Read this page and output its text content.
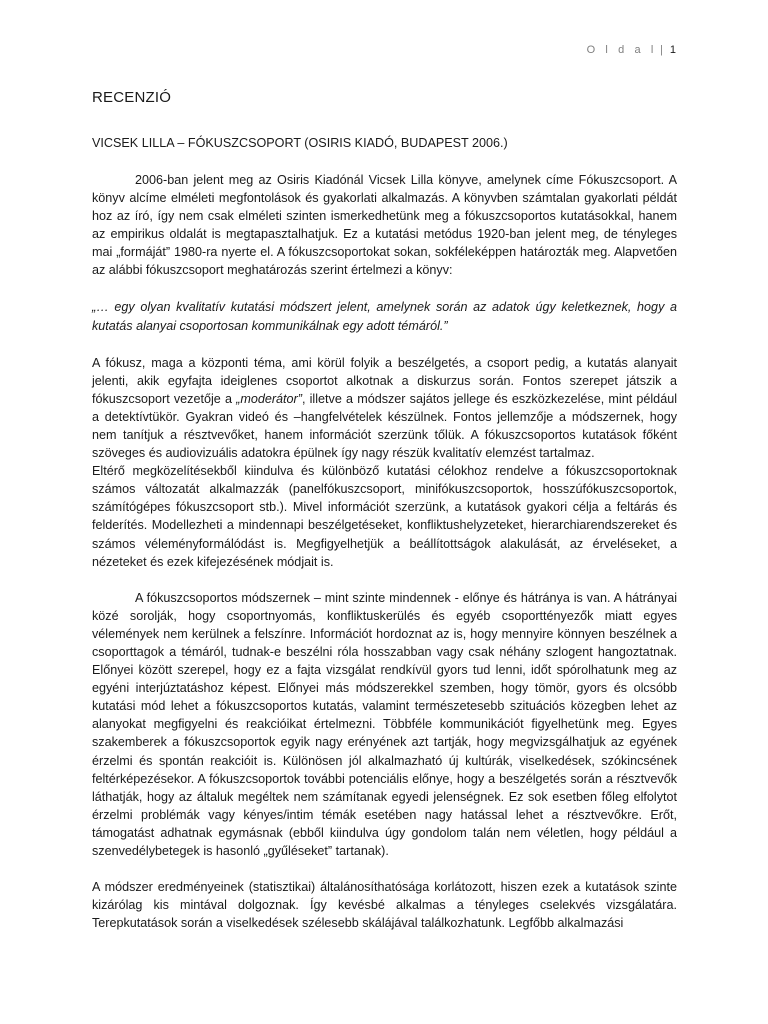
O l d a l | 1
RECENZIÓ
VICSEK LILLA – FÓKUSZCSOPORT (OSIRIS KIADÓ, BUDAPEST 2006.)

2006-ban jelent meg az Osiris Kiadónál Vicsek Lilla könyve, amelynek címe Fókuszcsoport. A könyv alcíme elméleti megfontolások és gyakorlati alkalmazás. A könyvben számtalan gyakorlati példát hoz az író, így nem csak elméleti szinten ismerkedhetünk meg a fókuszcsoportos kutatásokkal, hanem az empirikus oldalát is megtapasztalhatjuk. Ez a kutatási metódus 1920-ban jelent meg, de tényleges mai „formáját” 1980-ra nyerte el. A fókuszcsoportokat sokan, sokféleképpen határozták meg. Alapvetően az alábbi fókuszcsoport meghatározás szerint értelmezi a könyv:

„… egy olyan kvalitatív kutatási módszert jelent, amelynek során az adatok úgy keletkeznek, hogy a kutatás alanyai csoportosan kommunikálnak egy adott témáról.”

A fókusz, maga a központi téma, ami körül folyik a beszélgetés, a csoport pedig, a kutatás alanyait jelenti, akik egyfajta ideiglenes csoportot alkotnak a diskurzus során. Fontos szerepet játszik a fókuszcsoport vezetője a „moderátor”, illetve a módszer sajátos jellege és eszközkezelése, mint például a detektívtükör. Gyakran videó és –hangfelvételek készülnek. Fontos jellemzője a módszernek, hogy nem tanítjuk a résztvevőket, hanem információt szerzünk tőlük. A fókuszcsoportos kutatások főként szöveges és audiovizuális adatokra épülnek így nagy részük kvalitatív elemzést tartalmaz.

Eltérő megközelítésekből kiindulva és különböző kutatási célokhoz rendelve a fókuszcsoportoknak számos változatát alkalmazzák (panelfókuszcsoport, minifókuszcsoportok, hosszúfókuszcsoportok, számítógépes fókuszcsoport stb.). Mivel információt szerzünk, a kutatások gyakori célja a feltárás és felderítés. Modellezheti a mindennapi beszélgetéseket, konfliktushelyzeteket, hierarchiarendszereket és számos véleményformálódást is. Megfigyelhetjük a beállítottságok alakulását, az érveléseket, a nézeteket és ezek kifejezésének módjait is.

A fókuszcsoportos módszernek – mint szinte mindennek - előnye és hátránya is van. A hátrányai közé sorolják, hogy csoportnyomás, konfliktuskerülés és egyéb csoporttényezők miatt egyes vélemények nem kerülnek a felszínre. Információt hordoznat az is, hogy mennyire könnyen beszélnek a csoporttagok a témáról, tudnak-e beszélni róla hosszabban vagy csak néhány szlogent hangoztatnak. Előnyei között szerepel, hogy ez a fajta vizsgálat rendkívül gyors tud lenni, időt spórolhatunk meg az egyéni interjúztatáshoz képest. Előnyei más módszerekkel szemben, hogy tömör, gyors és olcsóbb kutatási mód lehet a fókuszcsoportos kutatás, valamint természetesebb szituációs közegben lehet az alanyokat megfigyelni és reakcióikat értelmezni. Többféle kommunikációt figyelhetünk meg. Egyes szakemberek a fókuszcsoportok egyik nagy erényének azt tartják, hogy megvizsgálhatjuk az egyének érzelmi és spontán reakcióit is. Különösen jól alkalmazható új kultúrák, viselkedések, szókincsének feltérképezésekor. A fókuszcsoportok további potenciális előnye, hogy a beszélgetés során a résztvevők láthatják, hogy az általuk megéltek nem számítanak egyedi jelenségnek. Ez sok esetben főleg elfolytot érzelmi problémák vagy kényes/intim témák esetében nagy hatással lehet a résztvevőkre. Erőt, támogatást adhatnak egymásnak (ebből kiindulva úgy gondolom talán nem véletlen, hogy például a szenvedélybetegek is hasonló „gyűléseket” tartanak).

A módszer eredményeinek (statisztikai) általánosíthatósága korlátozott, hiszen ezek a kutatások szinte kizárólag kis mintával dolgoznak. Így kevésbé alkalmas a tényleges cselekvés vizsgálatára. Terepkutatások során a viselkedések szélesebb skálájával találkozhatunk. Legfőbb alkalmazási
